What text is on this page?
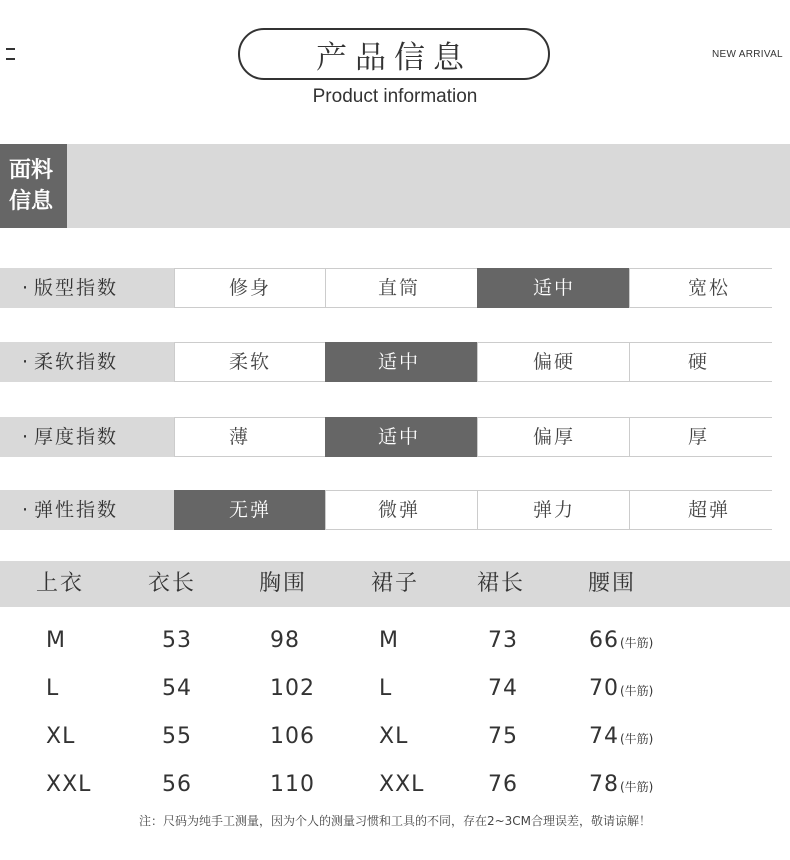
产品信息
Product information
NEW ARRIVAL
面料
信息
· 版型指数	修身	直筒	适中	宽松
· 柔软指数	柔软	适中	偏硬	硬
· 厚度指数	薄	适中	偏厚	厚
· 弹性指数	无弹	微弹	弹力	超弹
上衣	衣长	胸围	裙子	裙长	腰围
M	53	98	M	73	66(牛筋)
L	54	102	L	74	70(牛筋)
XL	55	106	XL	75	74(牛筋)
XXL	56	110	XXL	76	78(牛筋)
注：尺码为纯手工测量，因为个人的测量习惯和工具的不同，存在2~3CM合理误差，敬请谅解！
